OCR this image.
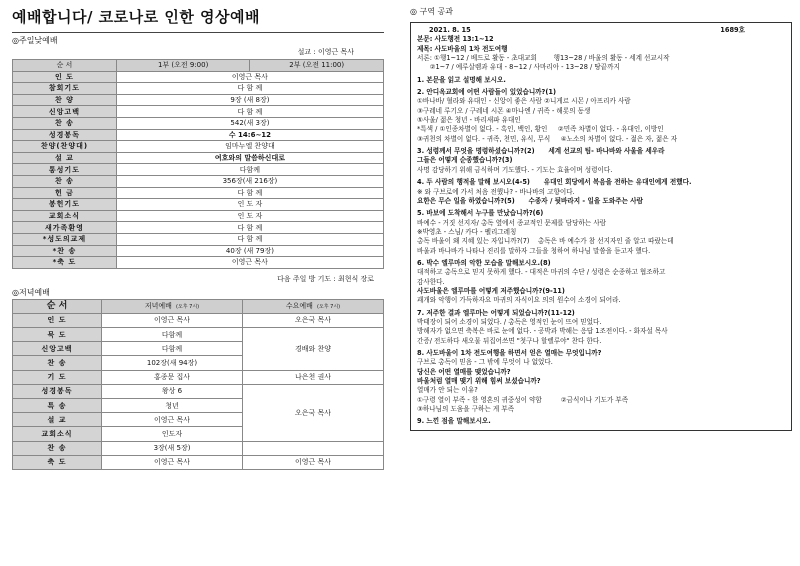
예배합니다/ 코로나로 인한 영상예배
◎주일낮예배
설교 : 이영근 목사
순 서	1부 (오전 9:00)	2부 (오전 11:00)
인 도	이영근 목사	
참회기도	다 함 께	
찬 양	9장 (새 8장)	
신앙고백	다 함 께	
찬 송	542(새 3장)	
성경봉독	수 14:6~12	
찬양(찬양대)	임마누엘 찬양대	
설 교	여호와의 말씀하신대로	
통성기도	다함께	
찬 송	356장(새 216장)	
헌 금	다 함 께	
봉헌기도	인 도 자	
교회소식	인 도 자	
새가족환영	다 함 께	
*성도의교제	다 함 께	
*찬 송	40장 (새 79장)	
*축 도	이영근 목사	
다음 주일 방 기도 : 최현식 장로
◎저녁예배
순 서	저녁예배 (오후 7시)	수요예배 (오후 7시)
인 도	이영근 목사	오은국 목사
묵 도	다함께	경배와 찬양
신앙고백	다함께	
찬 송	102장(새 94장)	
기 도	홍종문 집사	나은천 권사
성경봉독	왕상 6	오은국 목사
특 송	청년	
설 교	이영근 목사	
교회소식	인도자	
찬 송	3장(새 5장)	
축 도	이영근 목사	이영근 목사
◎ 구역 공과
2021. 8. 15	1689호
본문: 사도행전 13:1~12
제목: 사도바울의 1차 전도여행
서론: ①행1~12 / 베드로 활동 - 초대교회        행13~28 / 바울의 활동 - 세계 선교시작
②1~7 / 예루살렘과 유대 - 8~12 / 사마리아 - 13~28 / 땅끝까지
1. 본문을 읽고 설명해 보시오.
2. 안디옥교회에 어떤 사람들이 있었습니까?(1)
①바나바/ 혈라와 유대인 - 신앙이 좋은 사람 ②니게르 시몬 / 아프리카 사람
③구레네 루기오 / 구레네 시몬 ④마나엔 / 귀족 - 해롯의 동생
⑤사울/ 젊은 청년 - 바리새파 유대인
*특색 / ①인종차별이 없다. - 흑인, 백인, 황인     ②민족 차별이 없다. - 유대인, 이방인
③귀천의 차별이 없다. - 귀족, 천민, 유식, 무식     ④노소의 차별이 없다. - 젊은 자, 젊은 자
3. 성령께서 무엇을 명령하셨습니까?(2)      세계 선교의 팀- 바나바와 사울을 세우라
그들은 어떻게 순종했습니까?(3)
사명 감당하기 위해 금식하며 기도했다. - 기도는 효율이며 성령이다.
4. 두 사람의 행적을 말해 보시오(4-5)      유대인 회당에서 복음을 전하는 유대인에게 전했다.
※ 와 구브로에 가서 처음 전했나? - 바나바의 고향이다.
요한은 무슨 일을 하였습니까?(5)      수종자 / 뒷바라지 - 일을 도와주는 사람
5. 바보에 도착해서 누구를 만났습니까?(6)
바예수 - 거짓 선지자/ 총독 옆에서 종교적인 문제를 담당하는 사람
※박영초 - 스님/ 카다 - 펠리그레칭
총독 바울이 왜 지혜 있는 자입니까?(7)    총독은 바 예수가 참 선지자인 줄 알고 따랐는데
바울과 바나바가 나타나 진리를 말하자 그들을 청하여 하나님 말씀을 듣고자 했다.
6. 박수 엘루마의 악한 모습을 말해보시오.(8)
대적하고 총독으로 믿지 못하게 했다. - 대적은 마귀의 수단 / 성령은 순종하고 협조하고
감사한다.
사도바울은 엘루마를 어떻게 저주했습니까?(9-11)
괘개와 악행이 가득하자요 마귀의 자식이요 의의 원수이 소경이 되어라.
7. 저주한 결과 엘루마는 어떻게 되었습니까?(11-12)
박태장이 되어 소경이 되었다. / 총독은 영적인 눈이 뜨여 믿었다.
방해자가 없으면 축복은 바로 눈에 없다. - 공박과 박해는 응답 1조전이다. - 화자설 목사
간증/ 전도하다 새오물 뒤집어쓰면 "첫구나 할렐루야" 찬다 한다.
8. 사도바울이 1차 전도여행을 하면서 얻은 열매는 무엇입니까?
구브로 총독이 믿음 - 그 밖에 무엇이 나 없었다.
당신은 어떤 열매를 맺었습니까?
바울처럼 열매 맺기 위해 힘써 보셨습니까?
열매가 안 되는 이유?
①구령 열이 부족 - 한 영혼의 귀중성이 약함         ②금식이나 기도가 부족
③하나님의 도움을 구하는 게 부족
9. 느낀 점을 말해보시오.
